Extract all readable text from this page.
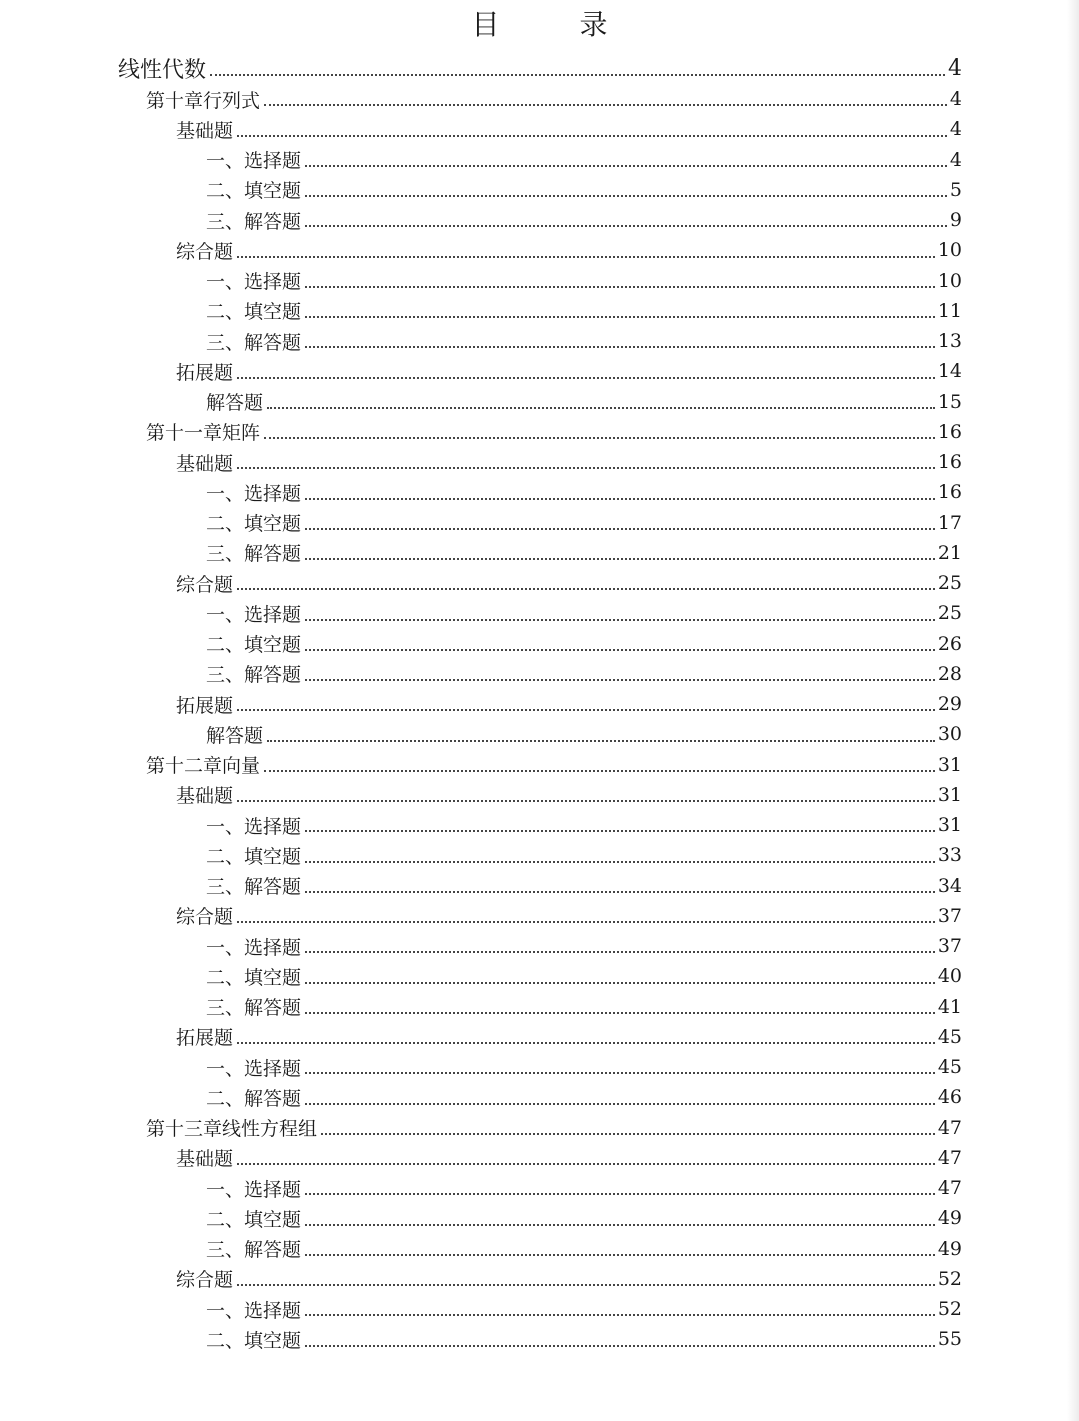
目　录
线性代数	4
第十章行列式	4
基础题	4
一、选择题	4
二、填空题	5
三、解答题	9
综合题	10
一、选择题	10
二、填空题	11
三、解答题	13
拓展题	14
解答题	15
第十一章矩阵	16
基础题	16
一、选择题	16
二、填空题	17
三、解答题	21
综合题	25
一、选择题	25
二、填空题	26
三、解答题	28
拓展题	29
解答题	30
第十二章向量	31
基础题	31
一、选择题	31
二、填空题	33
三、解答题	34
综合题	37
一、选择题	37
二、填空题	40
三、解答题	41
拓展题	45
一、选择题	45
二、解答题	46
第十三章线性方程组	47
基础题	47
一、选择题	47
二、填空题	49
三、解答题	49
综合题	52
一、选择题	52
二、填空题	55
